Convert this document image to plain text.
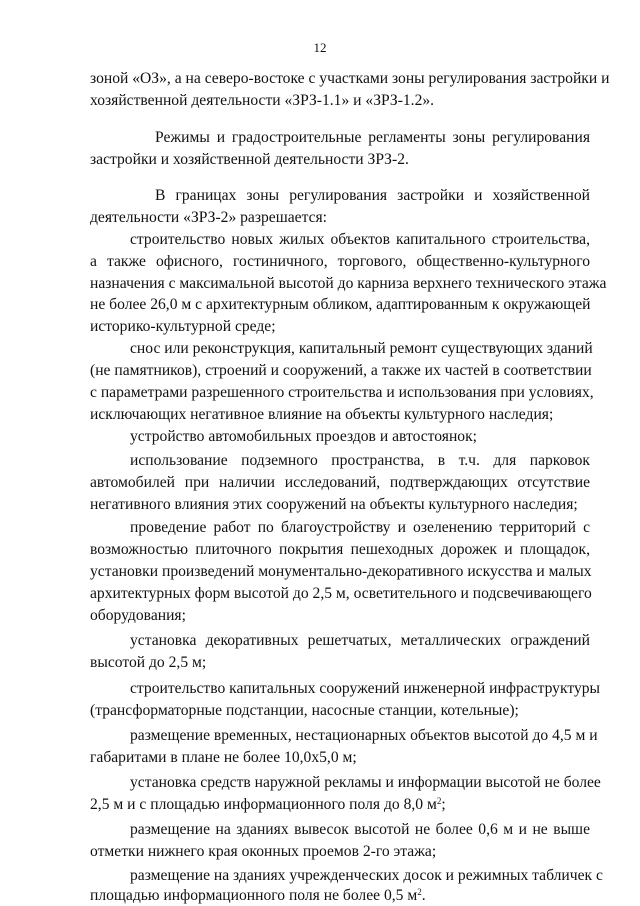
12
зоной «ОЗ», а на северо-востоке с участками зоны регулирования застройки и
хозяйственной деятельности «ЗРЗ-1.1» и «ЗРЗ-1.2».
Режимы и градостроительные регламенты зоны регулирования
застройки и хозяйственной деятельности ЗРЗ-2.
В границах зоны регулирования застройки и хозяйственной
деятельности «ЗРЗ-2» разрешается:
строительство новых жилых объектов капитального строительства,
а также офисного, гостиничного, торгового, общественно-культурного
назначения с максимальной высотой до карниза верхнего технического этажа
не более 26,0 м с архитектурным обликом, адаптированным к окружающей
историко-культурной среде;
снос или реконструкция, капитальный ремонт существующих зданий
(не памятников), строений и сооружений, а также их частей в соответствии
с параметрами разрешенного строительства и использования при условиях,
исключающих негативное влияние на объекты культурного наследия;
устройство автомобильных проездов и автостоянок;
использование подземного пространства, в т.ч. для парковок
автомобилей при наличии исследований, подтверждающих отсутствие
негативного влияния этих сооружений на объекты культурного наследия;
проведение работ по благоустройству и озеленению территорий с
возможностью плиточного покрытия пешеходных дорожек и площадок,
установки произведений монументально-декоративного искусства и малых
архитектурных форм высотой до 2,5 м, осветительного и подсвечивающего
оборудования;
установка декоративных решетчатых, металлических ограждений
высотой до 2,5 м;
строительство капитальных сооружений инженерной инфраструктуры
(трансформаторные подстанции, насосные станции, котельные);
размещение временных, нестационарных объектов высотой до 4,5 м и
габаритами в плане не более 10,0х5,0 м;
установка средств наружной рекламы и информации высотой не более
2,5 м и с площадью информационного поля до 8,0 $м^2$;
размещение на зданиях вывесок высотой не более 0,6 м и не выше
отметки нижнего края оконных проемов 2-го этажа;
размещение на зданиях учрежденческих досок и режимных табличек с
площадью информационного поля не более 0,5 $м^2$.
